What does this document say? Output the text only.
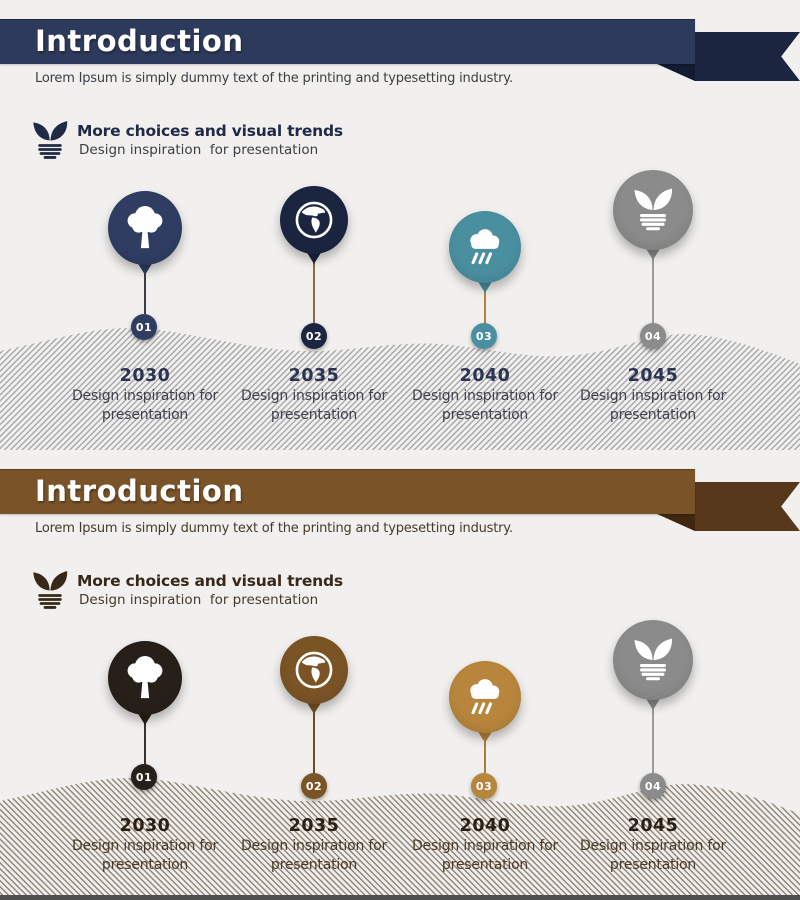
Introduction

Lorem Ipsum is simply dummy text of the printing and typesetting industry.

More choices and visual trends
Design inspiration  for presentation
01
2030
Design inspiration for presentation
02
2035
Design inspiration for presentation
03
2040
Design inspiration for presentation
04
2045
Design inspiration for presentation
Introduction

Lorem Ipsum is simply dummy text of the printing and typesetting industry.

More choices and visual trends
Design inspiration  for presentation
01
2030
Design inspiration for presentation
02
2035
Design inspiration for presentation
03
2040
Design inspiration for presentation
04
2045
Design inspiration for presentation
